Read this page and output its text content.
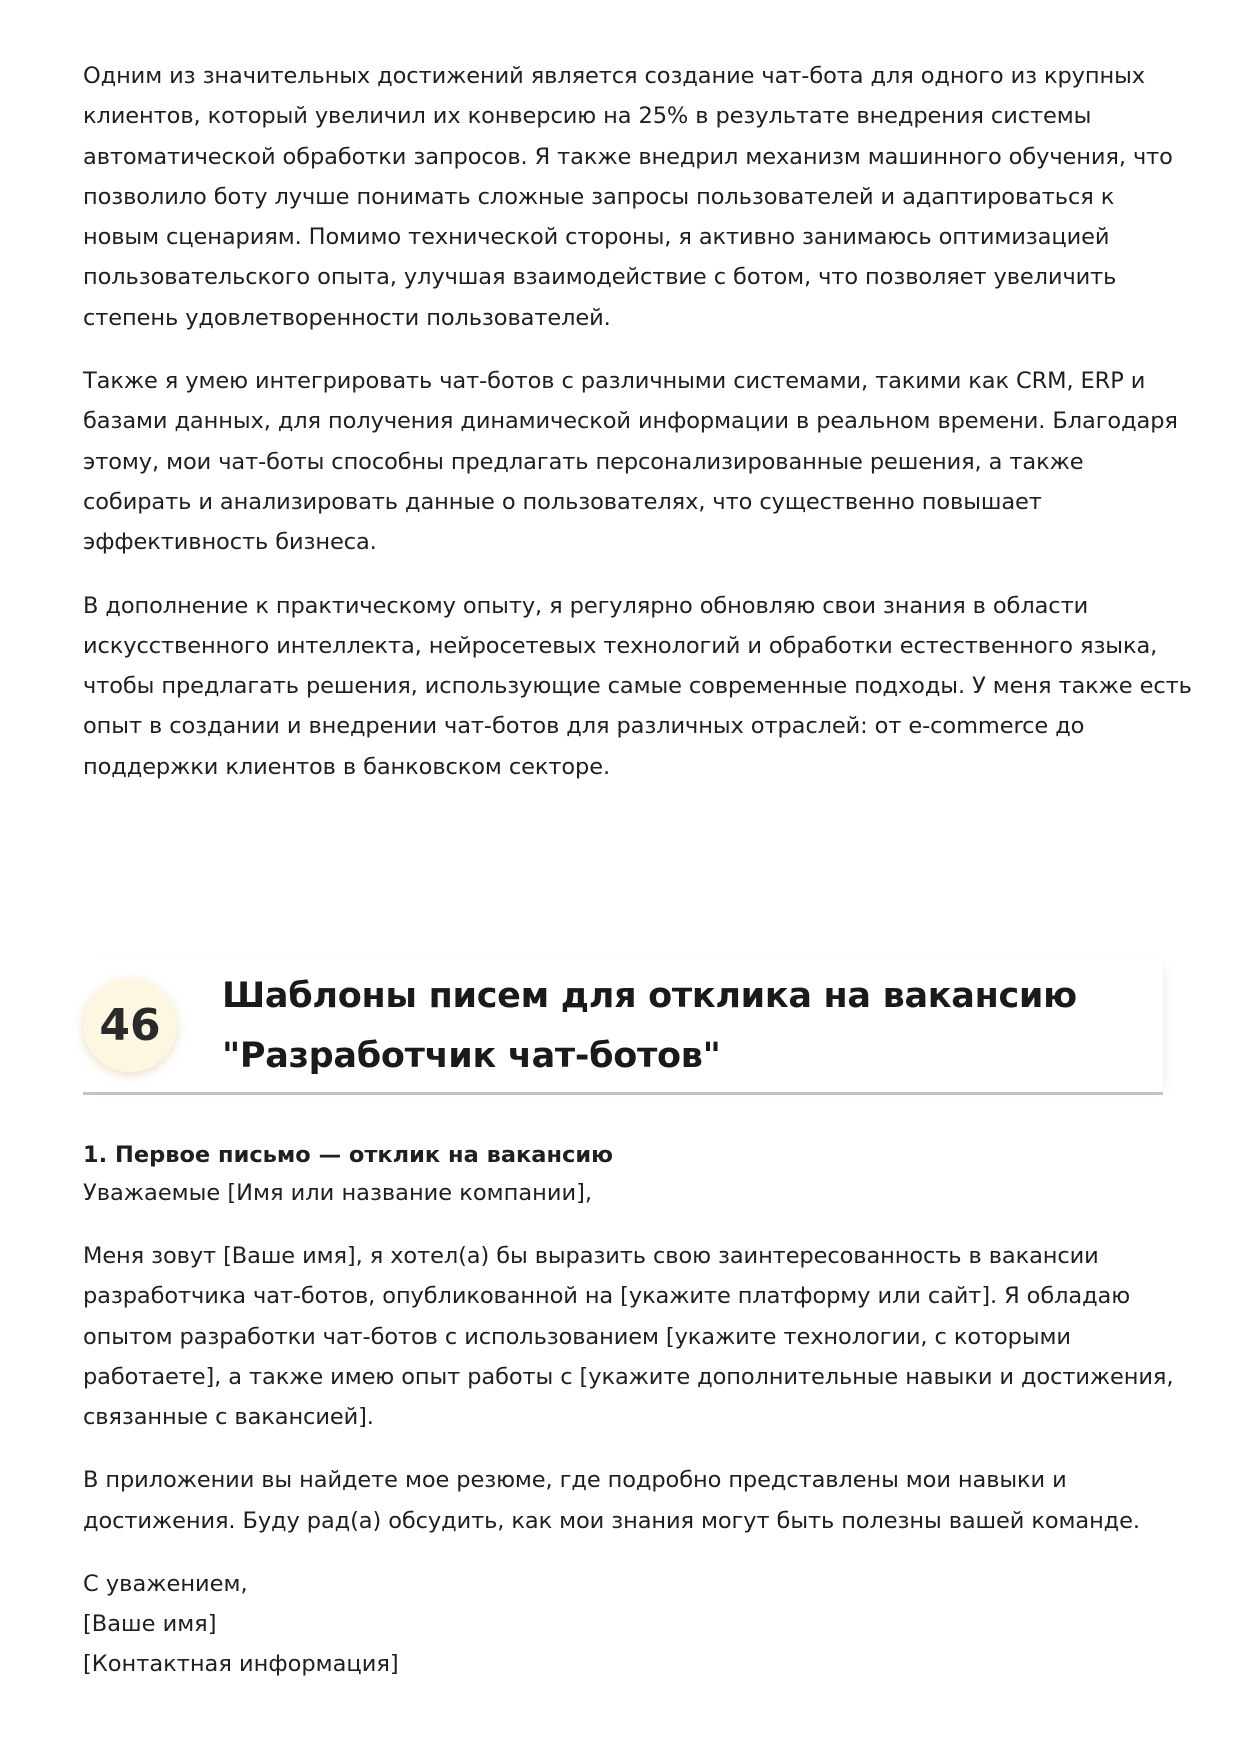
Одним из значительных достижений является создание чат-бота для одного из крупных
клиентов, который увеличил их конверсию на 25% в результате внедрения системы
автоматической обработки запросов. Я также внедрил механизм машинного обучения, что
позволило боту лучше понимать сложные запросы пользователей и адаптироваться к
новым сценариям. Помимо технической стороны, я активно занимаюсь оптимизацией
пользовательского опыта, улучшая взаимодействие с ботом, что позволяет увеличить
степень удовлетворенности пользователей.

Также я умею интегрировать чат-ботов с различными системами, такими как CRM, ERP и
базами данных, для получения динамической информации в реальном времени. Благодаря
этому, мои чат-боты способны предлагать персонализированные решения, а также
собирать и анализировать данные о пользователях, что существенно повышает
эффективность бизнеса.

В дополнение к практическому опыту, я регулярно обновляю свои знания в области
искусственного интеллекта, нейросетевых технологий и обработки естественного языка,
чтобы предлагать решения, использующие самые современные подходы. У меня также есть
опыт в создании и внедрении чат-ботов для различных отраслей: от e-commerce до
поддержки клиентов в банковском секторе.

46
Шаблоны писем для отклика на вакансию
"Разработчик чат-ботов"

1. Первое письмо — отклик на вакансию

Уважаемые [Имя или название компании],

Меня зовут [Ваше имя], я хотел(а) бы выразить свою заинтересованность в вакансии
разработчика чат-ботов, опубликованной на [укажите платформу или сайт]. Я обладаю
опытом разработки чат-ботов с использованием [укажите технологии, с которыми
работаете], а также имею опыт работы с [укажите дополнительные навыки и достижения,
связанные с вакансией].

В приложении вы найдете мое резюме, где подробно представлены мои навыки и
достижения. Буду рад(а) обсудить, как мои знания могут быть полезны вашей команде.

С уважением,
[Ваше имя]
[Контактная информация]
